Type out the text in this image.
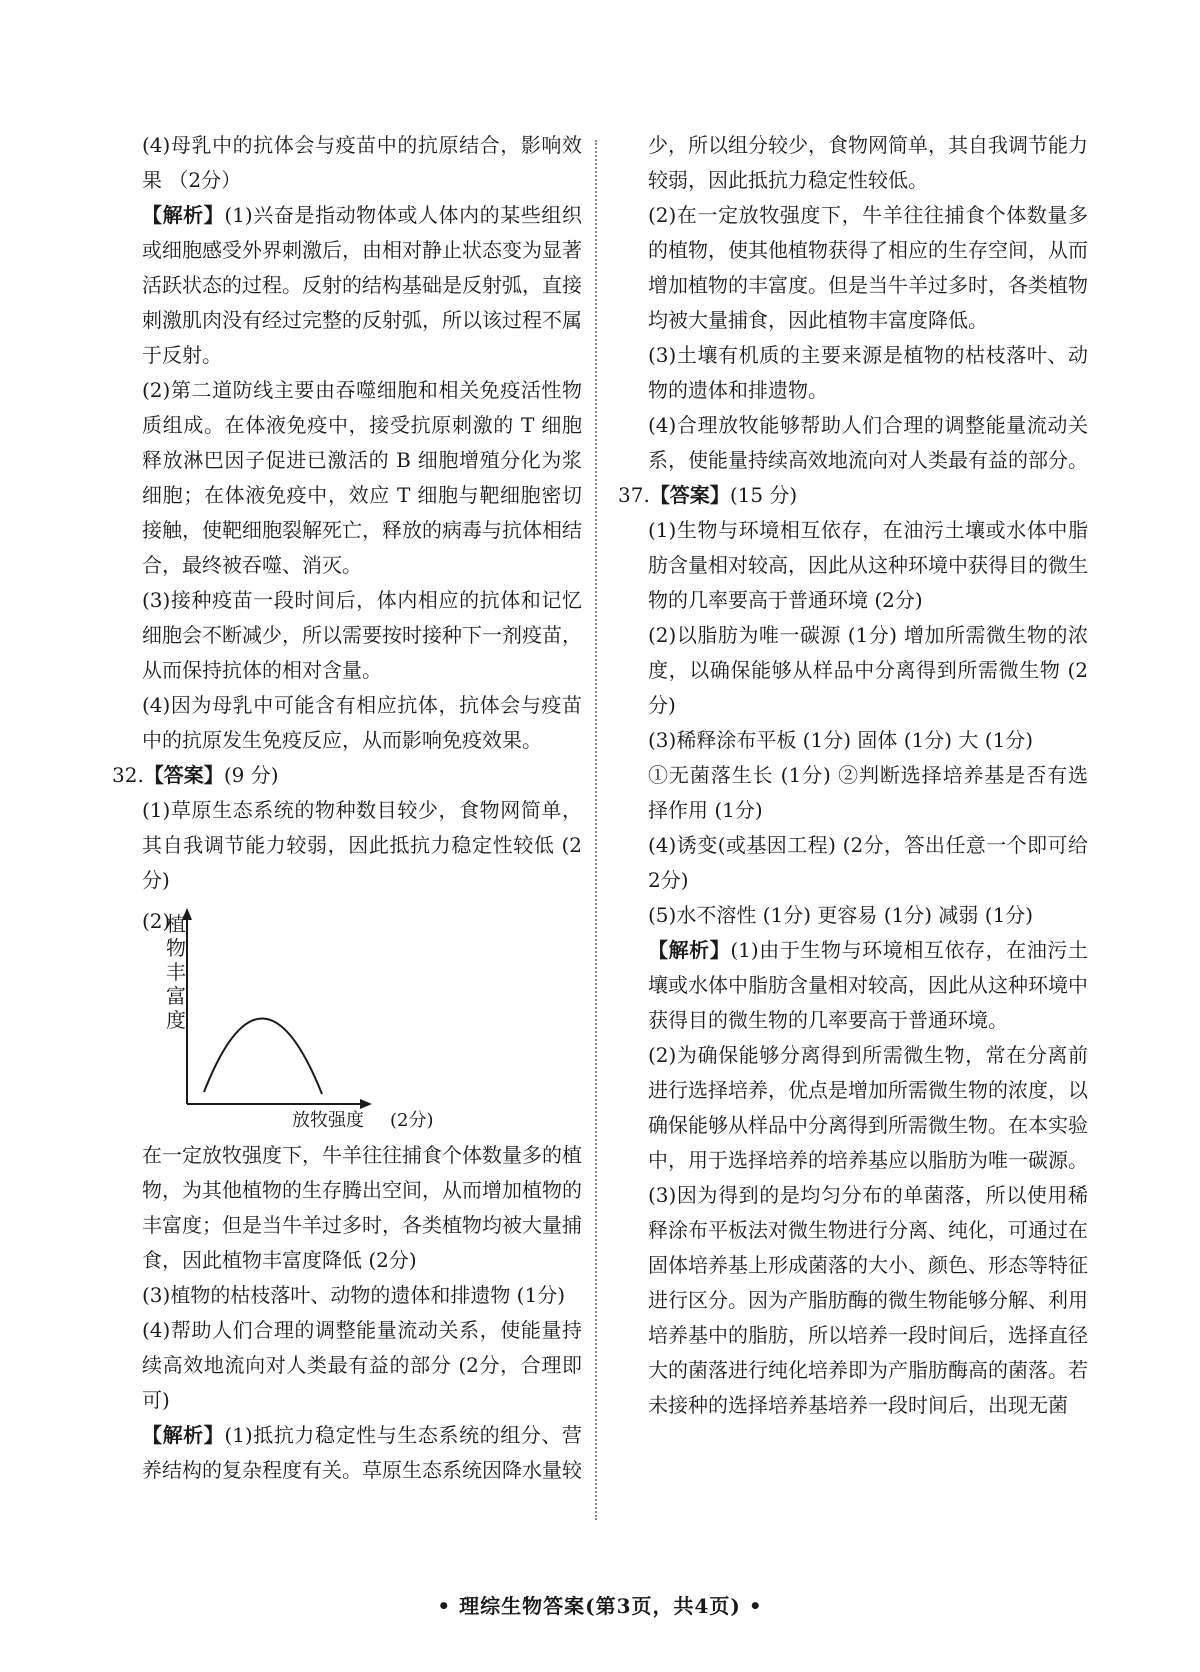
(4)母乳中的抗体会与疫苗中的抗原结合，影响效果 （2分）

【解析】(1)兴奋是指动物体或人体内的某些组织或细胞感受外界刺激后，由相对静止状态变为显著活跃状态的过程。反射的结构基础是反射弧，直接刺激肌肉没有经过完整的反射弧，所以该过程不属于反射。

(2)第二道防线主要由吞噬细胞和相关免疫活性物质组成。在体液免疫中，接受抗原刺激的 T 细胞释放淋巴因子促进已激活的 B 细胞增殖分化为浆细胞；在体液免疫中，效应 T 细胞与靶细胞密切接触，使靶细胞裂解死亡，释放的病毒与抗体相结合，最终被吞噬、消灭。

(3)接种疫苗一段时间后，体内相应的抗体和记忆细胞会不断减少，所以需要按时接种下一剂疫苗，从而保持抗体的相对含量。

(4)因为母乳中可能含有相应抗体，抗体会与疫苗中的抗原发生免疫反应，从而影响免疫效果。

32.【答案】(9 分)

(1)草原生态系统的物种数目较少，食物网简单，其自我调节能力较弱，因此抵抗力稳定性较低 (2分)

(2)
植物丰富度
放牧强度 (2分)

在一定放牧强度下，牛羊往往捕食个体数量多的植物，为其他植物的生存腾出空间，从而增加植物的丰富度；但是当牛羊过多时，各类植物均被大量捕食，因此植物丰富度降低 (2分)

(3)植物的枯枝落叶、动物的遗体和排遗物 (1分)

(4)帮助人们合理的调整能量流动关系，使能量持续高效地流向对人类最有益的部分 (2分，合理即可)

【解析】(1)抵抗力稳定性与生态系统的组分、营养结构的复杂程度有关。草原生态系统因降水量较

少，所以组分较少，食物网简单，其自我调节能力较弱，因此抵抗力稳定性较低。

(2)在一定放牧强度下，牛羊往往捕食个体数量多的植物，使其他植物获得了相应的生存空间，从而增加植物的丰富度。但是当牛羊过多时，各类植物均被大量捕食，因此植物丰富度降低。

(3)土壤有机质的主要来源是植物的枯枝落叶、动物的遗体和排遗物。

(4)合理放牧能够帮助人们合理的调整能量流动关系，使能量持续高效地流向对人类最有益的部分。

37.【答案】(15 分)

(1)生物与环境相互依存，在油污土壤或水体中脂肪含量相对较高，因此从这种环境中获得目的微生物的几率要高于普通环境 (2分)

(2)以脂肪为唯一碳源 (1分) 增加所需微生物的浓度，以确保能够从样品中分离得到所需微生物 (2分)

(3)稀释涂布平板 (1分) 固体 (1分) 大 (1分)

①无菌落生长 (1分) ②判断选择培养基是否有选择作用 (1分)

(4)诱变(或基因工程) (2分，答出任意一个即可给2分)

(5)水不溶性 (1分) 更容易 (1分) 减弱 (1分)

【解析】(1)由于生物与环境相互依存，在油污土壤或水体中脂肪含量相对较高，因此从这种环境中获得目的微生物的几率要高于普通环境。

(2)为确保能够分离得到所需微生物，常在分离前进行选择培养，优点是增加所需微生物的浓度，以确保能够从样品中分离得到所需微生物。在本实验中，用于选择培养的培养基应以脂肪为唯一碳源。

(3)因为得到的是均匀分布的单菌落，所以使用稀释涂布平板法对微生物进行分离、纯化，可通过在固体培养基上形成菌落的大小、颜色、形态等特征进行区分。因为产脂肪酶的微生物能够分解、利用培养基中的脂肪，所以培养一段时间后，选择直径大的菌落进行纯化培养即为产脂肪酶高的菌落。若未接种的选择培养基培养一段时间后，出现无菌

• 理综生物答案(第3页，共4页) •
